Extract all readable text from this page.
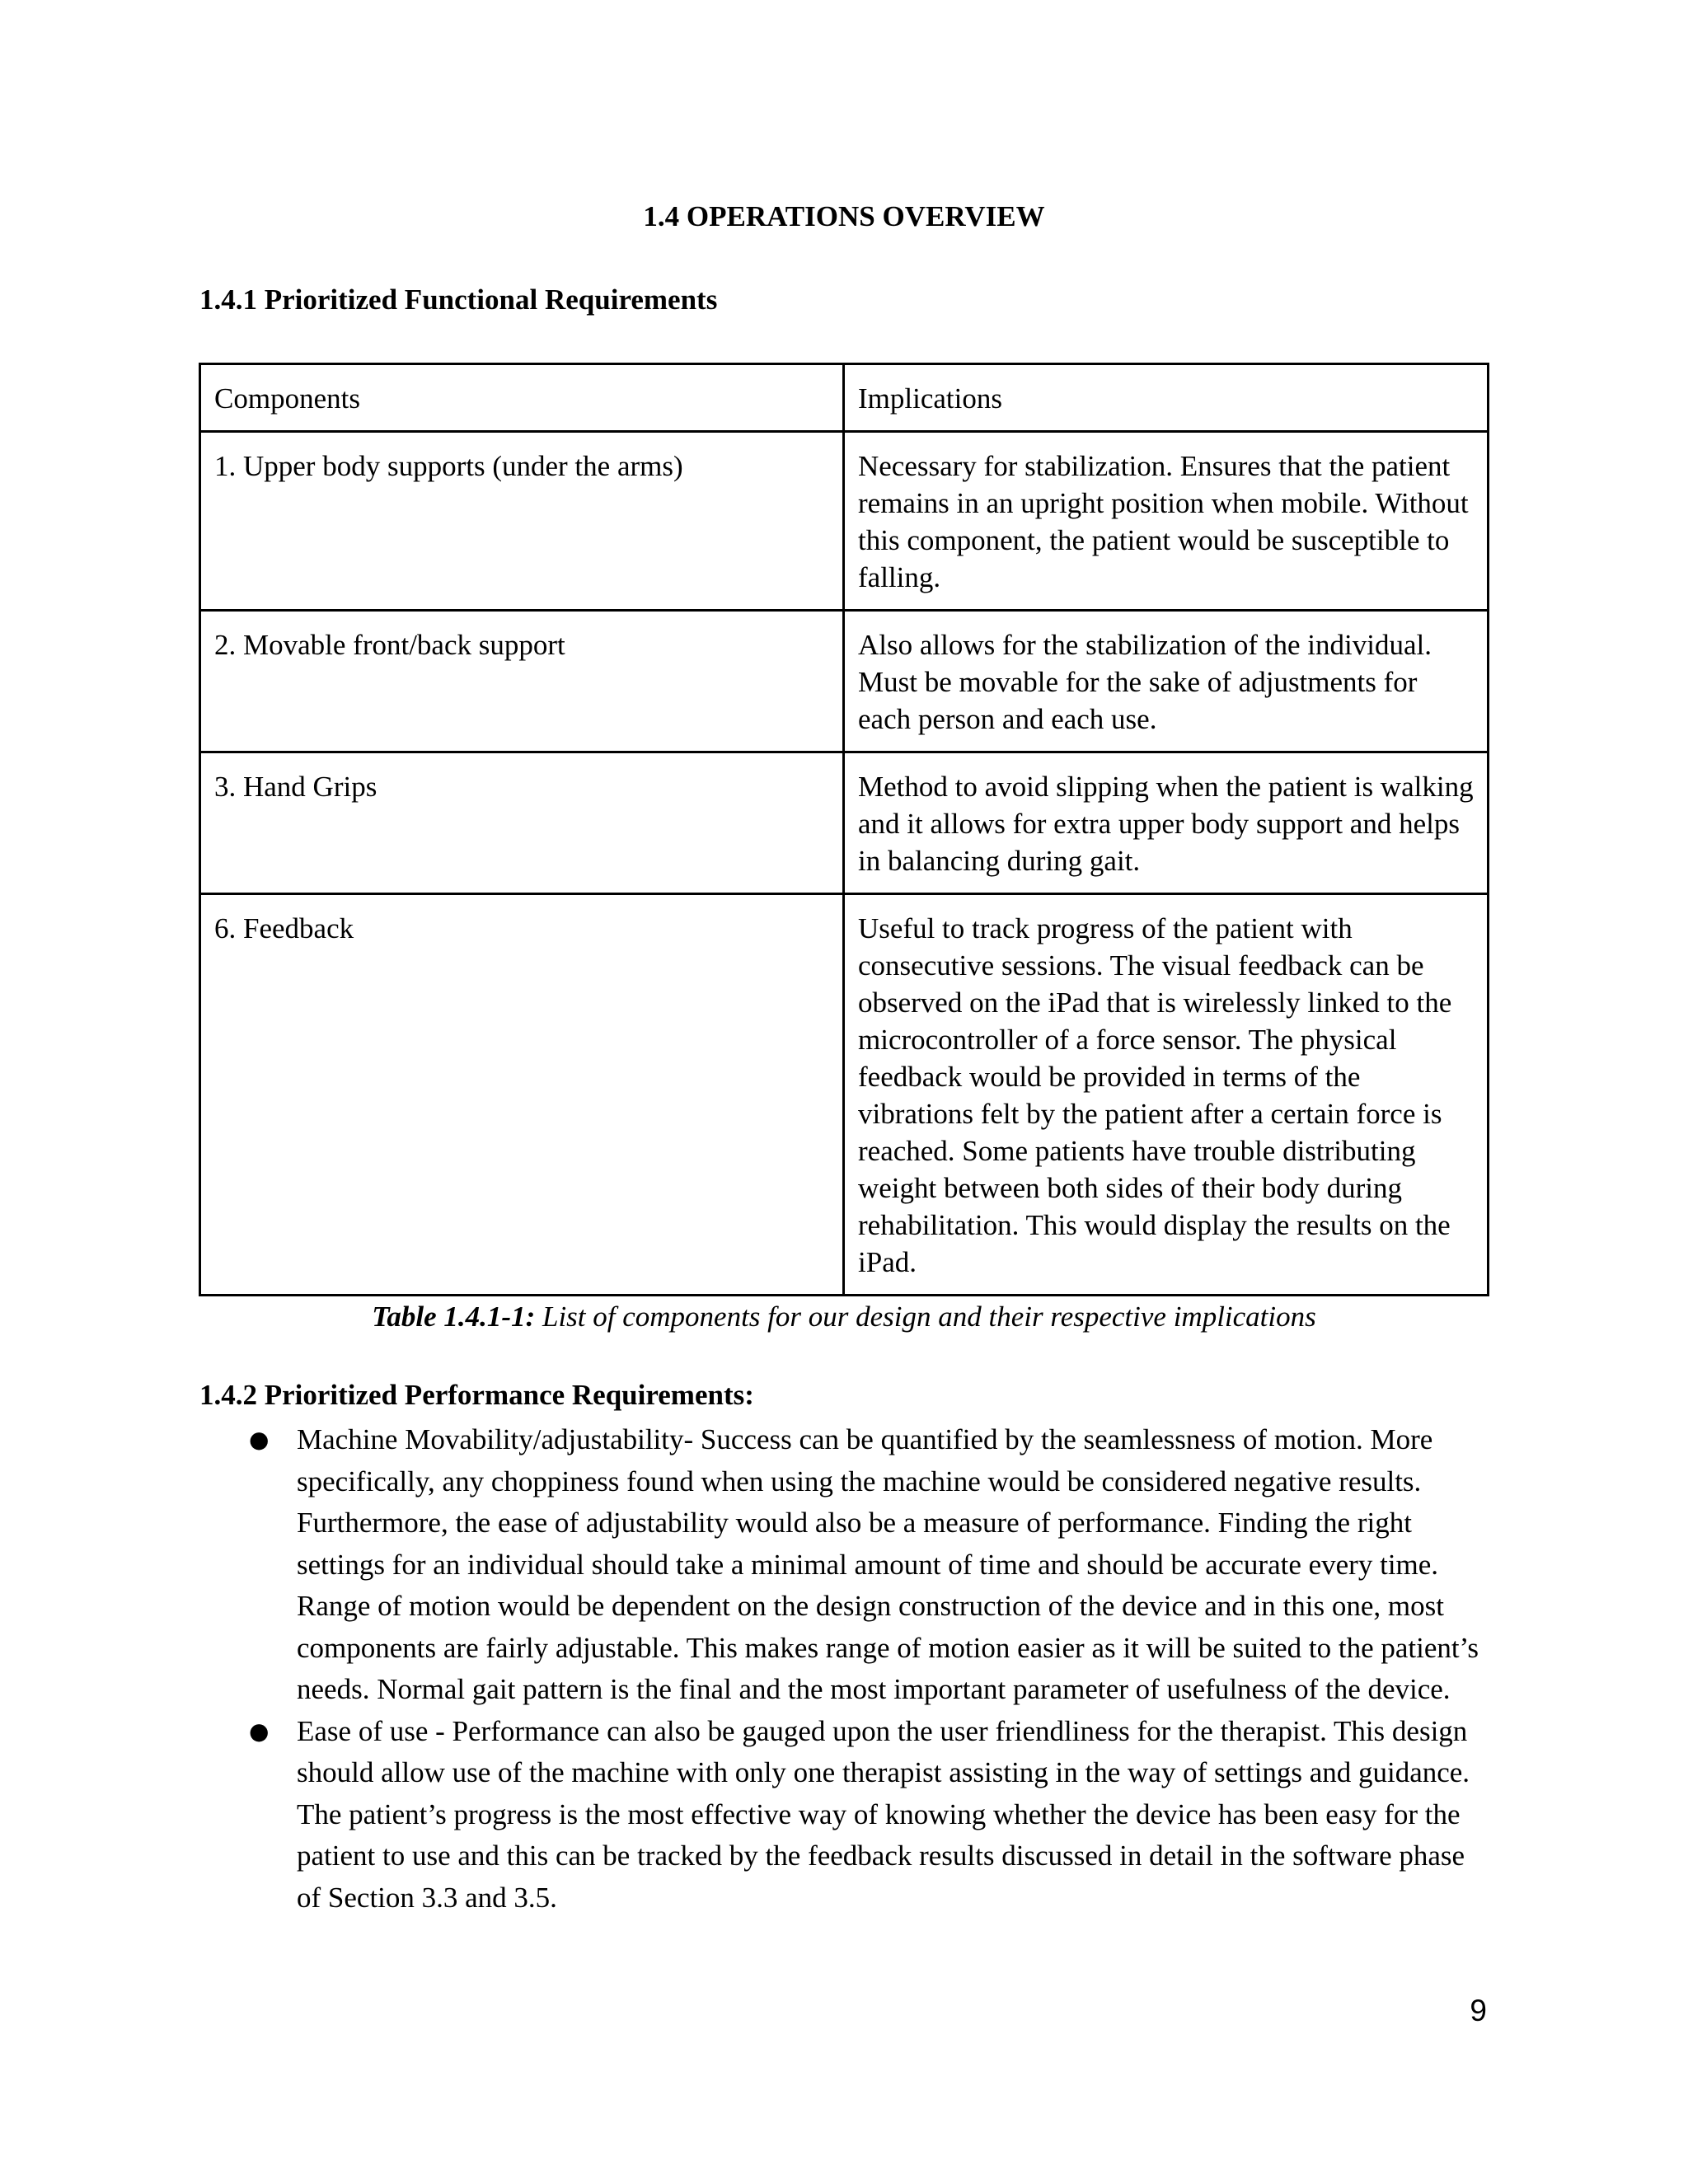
1.4 OPERATIONS OVERVIEW
1.4.1 Prioritized Functional Requirements
Components	Implications
1. Upper body supports (under the arms)	Necessary for stabilization. Ensures that the patient remains in an upright position when mobile. Without this component, the patient would be susceptible to falling.
2. Movable front/back support	Also allows for the stabilization of the individual. Must be movable for the sake of adjustments for each person and each use.
3. Hand Grips	Method to avoid slipping when the patient is walking and it allows for extra upper body support and helps in balancing during gait.
6. Feedback	Useful to track progress of the patient with consecutive sessions. The visual feedback can be observed on the iPad that is wirelessly linked to the microcontroller of a force sensor. The physical feedback would be provided in terms of the vibrations felt by the patient after a certain force is reached. Some patients have trouble distributing weight between both sides of their body during rehabilitation. This would display the results on the iPad.
Table 1.4.1-1: List of components for our design and their respective implications
1.4.2 Prioritized Performance Requirements:
● Machine Movability/adjustability- Success can be quantified by the seamlessness of motion. More specifically, any choppiness found when using the machine would be considered negative results. Furthermore, the ease of adjustability would also be a measure of performance. Finding the right settings for an individual should take a minimal amount of time and should be accurate every time. Range of motion would be dependent on the design construction of the device and in this one, most components are fairly adjustable. This makes range of motion easier as it will be suited to the patient’s needs. Normal gait pattern is the final and the most important parameter of usefulness of the device.
● Ease of use - Performance can also be gauged upon the user friendliness for the therapist. This design should allow use of the machine with only one therapist assisting in the way of settings and guidance. The patient’s progress is the most effective way of knowing whether the device has been easy for the patient to use and this can be tracked by the feedback results discussed in detail in the software phase of Section 3.3 and 3.5.
9
